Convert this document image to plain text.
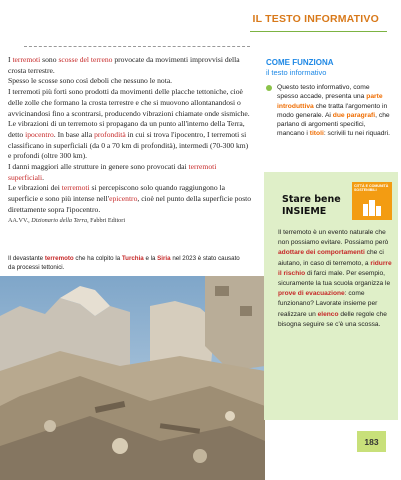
IL TESTO INFORMATIVO

I terremoti sono scosse del terreno provocate da movimenti improvvisi della crosta terrestre.

Spesso le scosse sono così deboli che nessuno le nota.

I terremoti più forti sono prodotti da movimenti delle placche tettoniche, cioè delle zolle che formano la crosta terrestre e che si muovono allontanandosi o avvicinandosi fino a scontrarsi, producendo vibrazioni chiamate onde sismiche.

Le vibrazioni di un terremoto si propagano da un punto all'interno della Terra, detto ipocentro. In base alla profondità in cui si trova l'ipocentro, I terremoti si classificano in superficiali (da 0 a 70 km di profondità), intermedi (70-300 km) e profondi (oltre 300 km).

I danni maggiori alle strutture in genere sono provocati dai terremoti superficiali.

Le vibrazioni dei terremoti si percepiscono solo quando raggiungono la superficie e sono più intense nell'epicentro, cioè nel punto della superficie posto direttamente sopra l'ipocentro.

AA.VV., Dizionario della Terra, Fabbri Editori

Il devastante terremoto che ha colpito la Turchia e la Siria nel 2023 è stato causato da processi tettonici.
COME FUNZIONA
il testo informativo
Questo testo informativo, come spesso accade, presenta una parte introduttiva che tratta l'argomento in modo generale. Ai due paragrafi, che parlano di argomenti specifici, mancano i titoli: scrivili tu nei riquadri.
Stare bene
INSIEME
CITTÀ E COMUNITÀ SOSTENIBILI
Il terremoto è un evento naturale che non possiamo evitare. Possiamo però adottare dei comportamenti che ci aiutano, in caso di terremoto, a ridurre il rischio di farci male. Per esempio, sicuramente la tua scuola organizza le prove di evacuazione: come funzionano? Lavorate insieme per realizzare un elenco delle regole che bisogna seguire se c'è una scossa.
183
